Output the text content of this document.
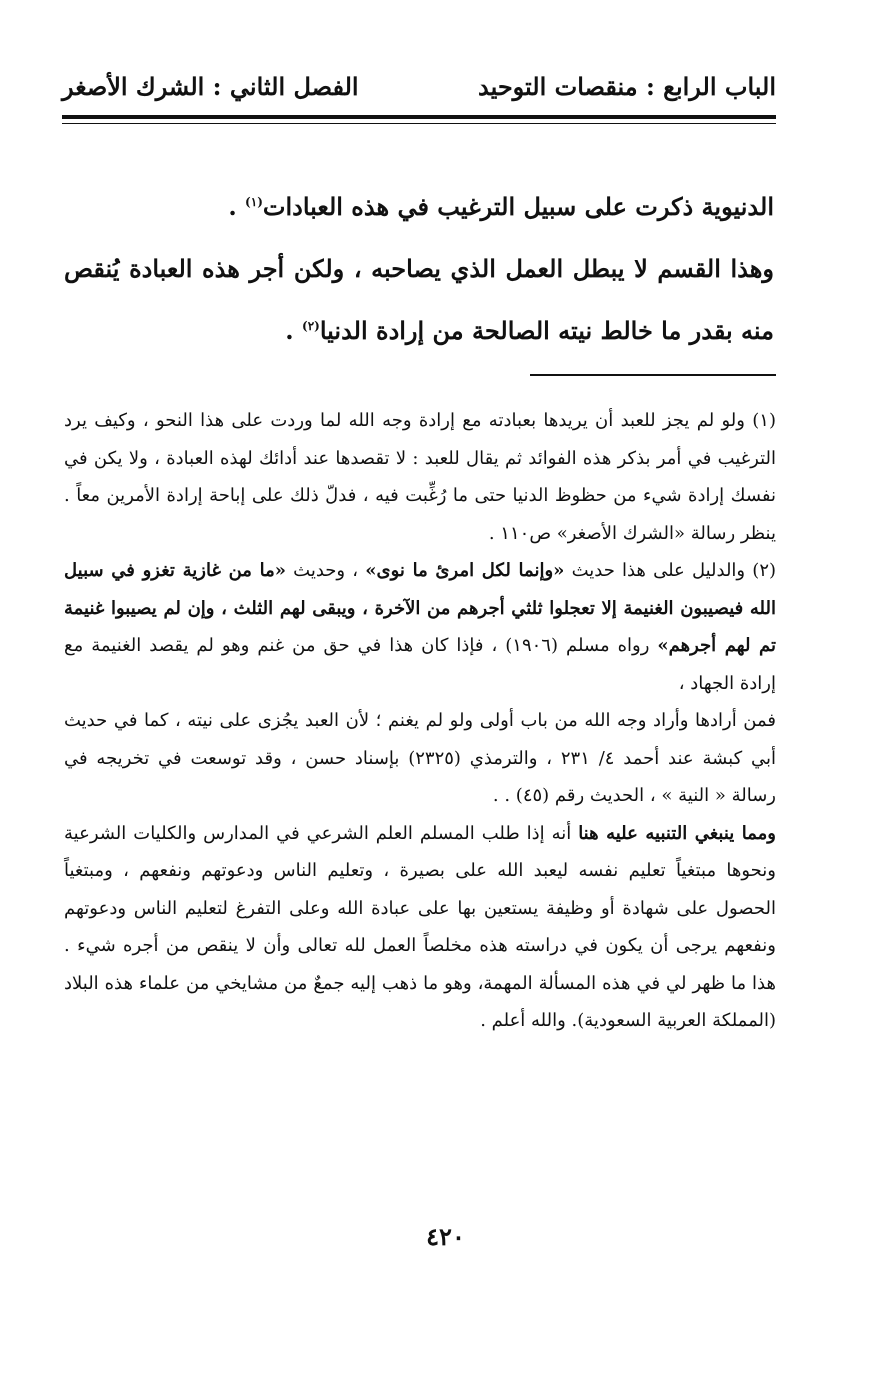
الباب الرابع : منقصات التوحيد
الفصل الثاني : الشرك الأصغر

الدنيوية ذكرت على سبيل الترغيب في هذه العبادات$^{(١)}$ .

وهذا القسم لا يبطل العمل الذي يصاحبه ، ولكن أجر هذه العبادة يُنقص منه بقدر ما خالط نيته الصالحة من إرادة الدنيا$^{(٢)}$ .

(١) ولو لم يجز للعبد أن يريدها بعبادته مع إرادة وجه الله لما وردت على هذا النحو ، وكيف يرد الترغيب في أمر بذكر هذه الفوائد ثم يقال للعبد : لا تقصدها عند أدائك لهذه العبادة ، ولا يكن في نفسك إرادة شيء من حظوظ الدنيا حتى ما رُغِّبت فيه ، فدلّ ذلك على إباحة إرادة الأمرين معاً . ينظر رسالة «الشرك الأصغر» ص١١٠ .

(٢) والدليل على هذا حديث «وإنما لكل امرئ ما نوى» ، وحديث «ما من غازية تغزو في سبيل الله فيصيبون الغنيمة إلا تعجلوا ثلثي أجرهم من الآخرة ، ويبقى لهم الثلث ، وإن لم يصيبوا غنيمة تم لهم أجرهم» رواه مسلم (١٩٠٦) ، فإذا كان هذا في حق من غنم وهو لم يقصد الغنيمة مع إرادة الجهاد ،

فمن أرادها وأراد وجه الله من باب أولى ولو لم يغنم ؛ لأن العبد يجُزى على نيته ، كما في حديث أبي كبشة عند أحمد ٤/ ٢٣١ ، والترمذي (٢٣٢٥) بإسناد حسن ، وقد توسعت في تخريجه في رسالة « النية » ، الحديث رقم (٤٥) . .

ومما ينبغي التنبيه عليه هنا أنه إذا طلب المسلم العلم الشرعي في المدارس والكليات الشرعية ونحوها مبتغياً تعليم نفسه ليعبد الله على بصيرة ، وتعليم الناس ودعوتهم ونفعهم ، ومبتغياً الحصول على شهادة أو وظيفة يستعين بها على عبادة الله وعلى التفرغ لتعليم الناس ودعوتهم ونفعهم يرجى أن يكون في دراسته هذه مخلصاً العمل لله تعالى وأن لا ينقص من أجره شيء . هذا ما ظهر لي في هذه المسألة المهمة، وهو ما ذهب إليه جمعٌ من مشايخي من علماء هذه البلاد (المملكة العربية السعودية). والله أعلم .

٤٢٠
